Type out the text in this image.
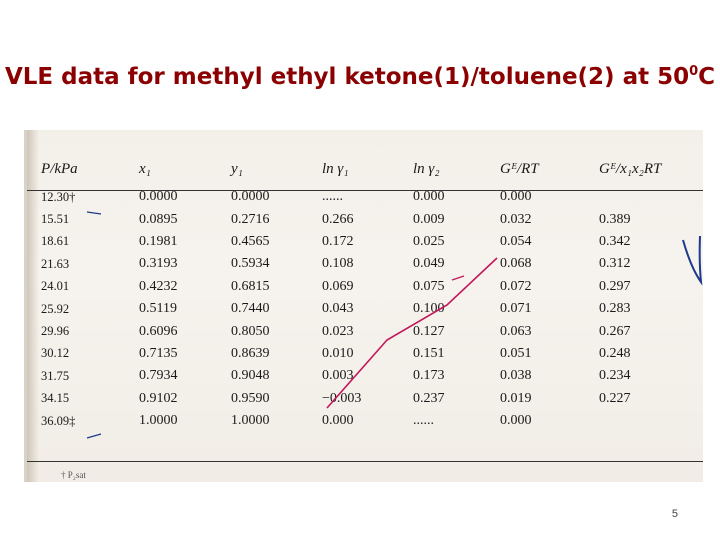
VLE data for methyl ethyl ketone(1)/toluene(2) at $50^0C$
P/kPa	x₁	y₁	ln γ₁	ln γ₂	Gᴱ/RT	Gᴱ/x₁x₂RT
12.30†	0.0000	0.0000	......	0.000	0.000	
15.51	0.0895	0.2716	0.266	0.009	0.032	0.389
18.61	0.1981	0.4565	0.172	0.025	0.054	0.342
21.63	0.3193	0.5934	0.108	0.049	0.068	0.312
24.01	0.4232	0.6815	0.069	0.075	0.072	0.297
25.92	0.5119	0.7440	0.043	0.100	0.071	0.283
29.96	0.6096	0.8050	0.023	0.127	0.063	0.267
30.12	0.7135	0.8639	0.010	0.151	0.051	0.248
31.75	0.7934	0.9048	0.003	0.173	0.038	0.234
34.15	0.9102	0.9590	−0.003	0.237	0.019	0.227
36.09‡	1.0000	1.0000	0.000	......	0.000	
† P₂sat
5
